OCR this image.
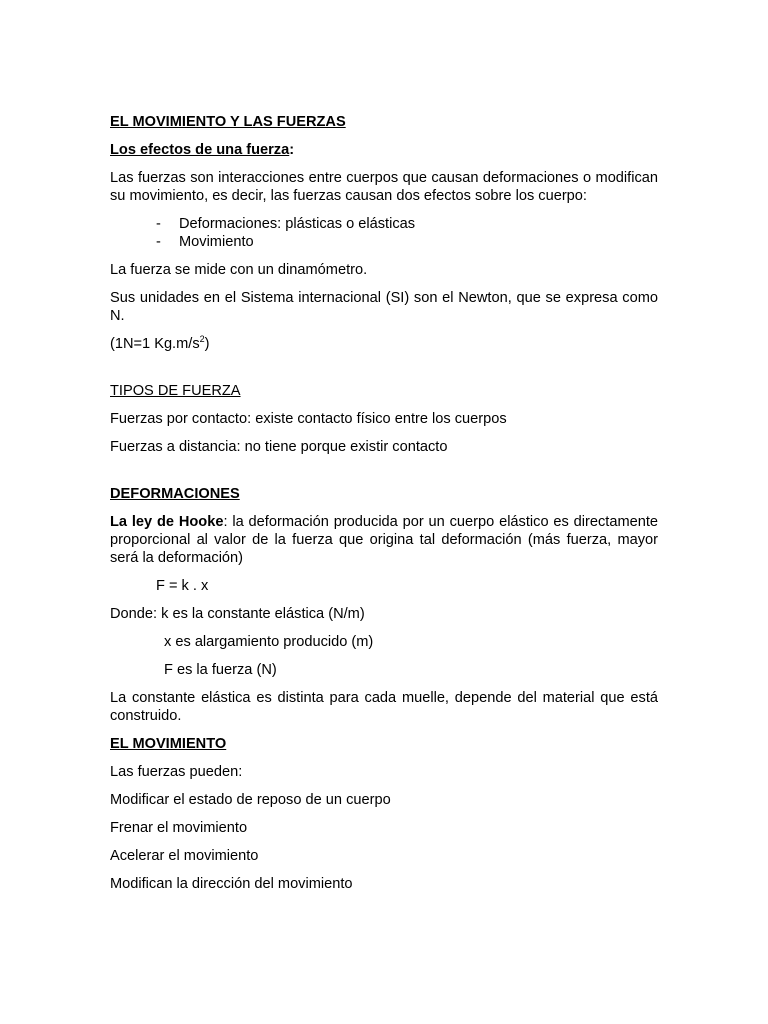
EL MOVIMIENTO Y LAS FUERZAS
Los efectos de una fuerza:
Las fuerzas son interacciones entre cuerpos que causan deformaciones o modifican su movimiento, es decir, las fuerzas causan dos efectos sobre los cuerpo:
- Deformaciones: plásticas o elásticas
- Movimiento
La fuerza se mide con un dinamómetro.
Sus unidades en el Sistema internacional (SI) son el Newton, que se expresa como N.
(1N=1 $Kg.m/s^2$)
TIPOS DE FUERZA
Fuerzas por contacto: existe contacto físico entre los cuerpos
Fuerzas a distancia: no tiene porque existir contacto
DEFORMACIONES
La ley de Hooke: la deformación producida por un cuerpo elástico es directamente proporcional al valor de la fuerza que origina tal deformación (más fuerza, mayor será la deformación)
F = k . x
Donde: k es la constante elástica (N/m)
x es alargamiento producido (m)
F es la fuerza (N)
La constante elástica es distinta para cada muelle, depende del material que está construido.
EL MOVIMIENTO
Las fuerzas pueden:
Modificar el estado de reposo de un cuerpo
Frenar el movimiento
Acelerar el movimiento
Modifican la dirección del movimiento
